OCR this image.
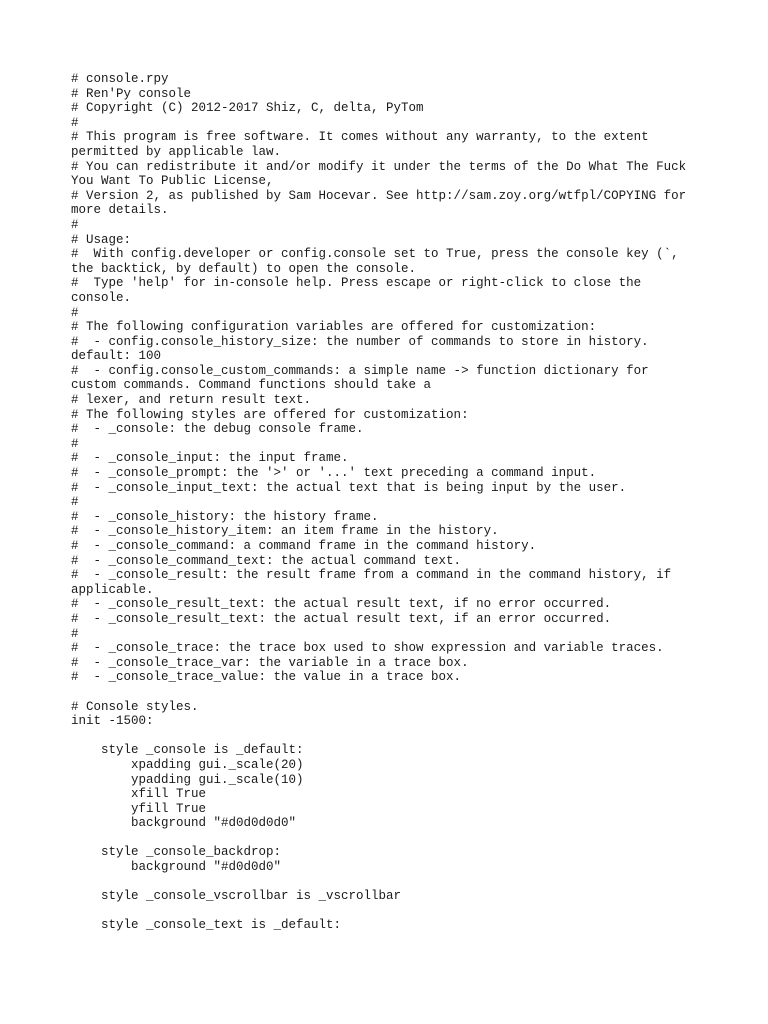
# console.rpy
# Ren'Py console
# Copyright (C) 2012-2017 Shiz, C, delta, PyTom
#
# This program is free software. It comes without any warranty, to the extent
permitted by applicable law.
# You can redistribute it and/or modify it under the terms of the Do What The Fuck
You Want To Public License,
# Version 2, as published by Sam Hocevar. See http://sam.zoy.org/wtfpl/COPYING for
more details.
#
# Usage:
#  With config.developer or config.console set to True, press the console key (`,
the backtick, by default) to open the console.
#  Type 'help' for in-console help. Press escape or right-click to close the
console.
#
# The following configuration variables are offered for customization:
#  - config.console_history_size: the number of commands to store in history.
default: 100
#  - config.console_custom_commands: a simple name -> function dictionary for
custom commands. Command functions should take a
# lexer, and return result text.
# The following styles are offered for customization:
#  - _console: the debug console frame.
#
#  - _console_input: the input frame.
#  - _console_prompt: the '>' or '...' text preceding a command input.
#  - _console_input_text: the actual text that is being input by the user.
#
#  - _console_history: the history frame.
#  - _console_history_item: an item frame in the history.
#  - _console_command: a command frame in the command history.
#  - _console_command_text: the actual command text.
#  - _console_result: the result frame from a command in the command history, if
applicable.
#  - _console_result_text: the actual result text, if no error occurred.
#  - _console_result_text: the actual result text, if an error occurred.
#
#  - _console_trace: the trace box used to show expression and variable traces.
#  - _console_trace_var: the variable in a trace box.
#  - _console_trace_value: the value in a trace box.
# Console styles.
init -1500:
style _console is _default:
xpadding gui._scale(20)
ypadding gui._scale(10)
xfill True
yfill True
background "#d0d0d0d0"
style _console_backdrop:
background "#d0d0d0"
style _console_vscrollbar is _vscrollbar
style _console_text is _default:
